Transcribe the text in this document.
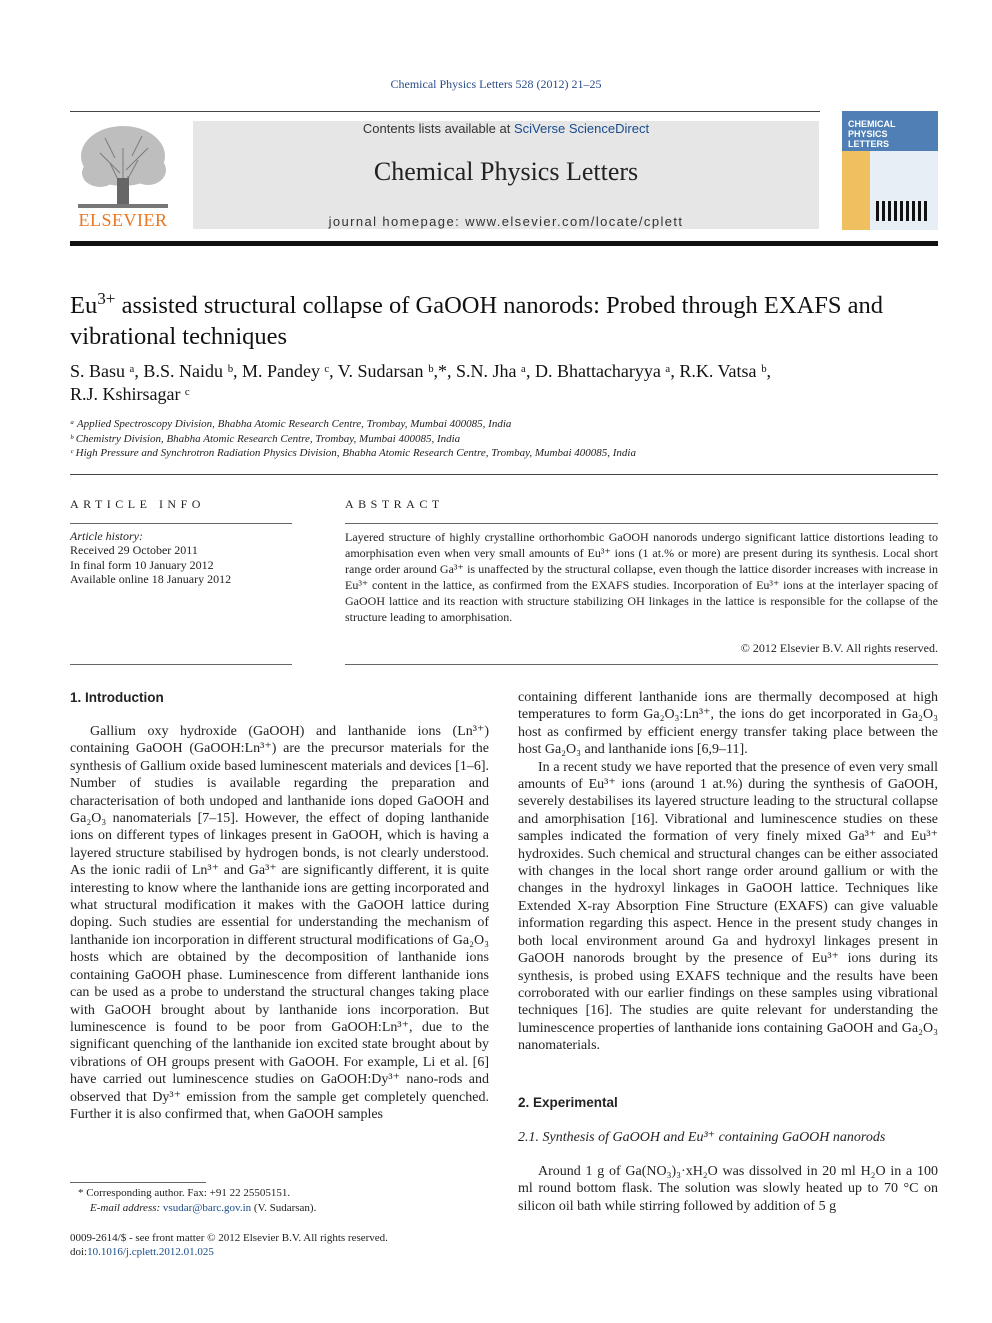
Chemical Physics Letters 528 (2012) 21–25
ELSEVIER
Contents lists available at SciVerse ScienceDirect
Chemical Physics Letters
journal homepage: www.elsevier.com/locate/cplett
CHEMICAL PHYSICS LETTERS
$Eu^{3+}$ assisted structural collapse of GaOOH nanorods: Probed through EXAFS and vibrational techniques
S. Basu ᵃ, B.S. Naidu ᵇ, M. Pandey ᶜ, V. Sudarsan ᵇ,*, S.N. Jha ᵃ, D. Bhattacharyya ᵃ, R.K. Vatsa ᵇ,
R.J. Kshirsagar ᶜ
ᵃ Applied Spectroscopy Division, Bhabha Atomic Research Centre, Trombay, Mumbai 400085, India
ᵇ Chemistry Division, Bhabha Atomic Research Centre, Trombay, Mumbai 400085, India
ᶜ High Pressure and Synchrotron Radiation Physics Division, Bhabha Atomic Research Centre, Trombay, Mumbai 400085, India
ARTICLE INFO
Article history:
Received 29 October 2011
In final form 10 January 2012
Available online 18 January 2012
ABSTRACT
Layered structure of highly crystalline orthorhombic GaOOH nanorods undergo significant lattice distortions leading to amorphisation even when very small amounts of Eu³⁺ ions (1 at.% or more) are present during its synthesis. Local short range order around Ga³⁺ is unaffected by the structural collapse, even though the lattice disorder increases with increase in Eu³⁺ content in the lattice, as confirmed from the EXAFS studies. Incorporation of Eu³⁺ ions at the interlayer spacing of GaOOH lattice and its reaction with structure stabilizing OH linkages in the lattice is responsible for the collapse of the structure leading to amorphisation.
© 2012 Elsevier B.V. All rights reserved.
1. Introduction

Gallium oxy hydroxide (GaOOH) and lanthanide ions (Ln³⁺) containing GaOOH (GaOOH:Ln³⁺) are the precursor materials for the synthesis of Gallium oxide based luminescent materials and devices [1–6]. Number of studies is available regarding the preparation and characterisation of both undoped and lanthanide ions doped GaOOH and Ga₂O₃ nanomaterials [7–15]. However, the effect of doping lanthanide ions on different types of linkages present in GaOOH, which is having a layered structure stabilised by hydrogen bonds, is not clearly understood. As the ionic radii of Ln³⁺ and Ga³⁺ are significantly different, it is quite interesting to know where the lanthanide ions are getting incorporated and what structural modification it makes with the GaOOH lattice during doping. Such studies are essential for understanding the mechanism of lanthanide ion incorporation in different structural modifications of Ga₂O₃ hosts which are obtained by the decomposition of lanthanide ions containing GaOOH phase. Luminescence from different lanthanide ions can be used as a probe to understand the structural changes taking place with GaOOH brought about by lanthanide ions incorporation. But luminescence is found to be poor from GaOOH:Ln³⁺, due to the significant quenching of the lanthanide ion excited state brought about by vibrations of OH groups present with GaOOH. For example, Li et al. [6] have carried out luminescence studies on GaOOH:Dy³⁺ nano-rods and observed that Dy³⁺ emission from the sample get completely quenched. Further it is also confirmed that, when GaOOH samples

containing different lanthanide ions are thermally decomposed at high temperatures to form Ga₂O₃:Ln³⁺, the ions do get incorporated in Ga₂O₃ host as confirmed by efficient energy transfer taking place between the host Ga₂O₃ and lanthanide ions [6,9–11].

In a recent study we have reported that the presence of even very small amounts of Eu³⁺ ions (around 1 at.%) during the synthesis of GaOOH, severely destabilises its layered structure leading to the structural collapse and amorphisation [16]. Vibrational and luminescence studies on these samples indicated the formation of very finely mixed Ga³⁺ and Eu³⁺ hydroxides. Such chemical and structural changes can be either associated with changes in the local short range order around gallium or with the changes in the hydroxyl linkages in GaOOH lattice. Techniques like Extended X-ray Absorption Fine Structure (EXAFS) can give valuable information regarding this aspect. Hence in the present study changes in both local environment around Ga and hydroxyl linkages present in GaOOH nanorods brought by the presence of Eu³⁺ ions during its synthesis, is probed using EXAFS technique and the results have been corroborated with our earlier findings on these samples using vibrational techniques [16]. The studies are quite relevant for understanding the luminescence properties of lanthanide ions containing GaOOH and Ga₂O₃ nanomaterials.

2. Experimental
2.1. Synthesis of GaOOH and Eu³⁺ containing GaOOH nanorods

Around 1 g of Ga(NO₃)₃·xH₂O was dissolved in 20 ml H₂O in a 100 ml round bottom flask. The solution was slowly heated up to 70 °C on silicon oil bath while stirring followed by addition of 5 g

* Corresponding author. Fax: +91 22 25505151.
E-mail address: vsudar@barc.gov.in (V. Sudarsan).
0009-2614/$ - see front matter © 2012 Elsevier B.V. All rights reserved.
doi:10.1016/j.cplett.2012.01.025
